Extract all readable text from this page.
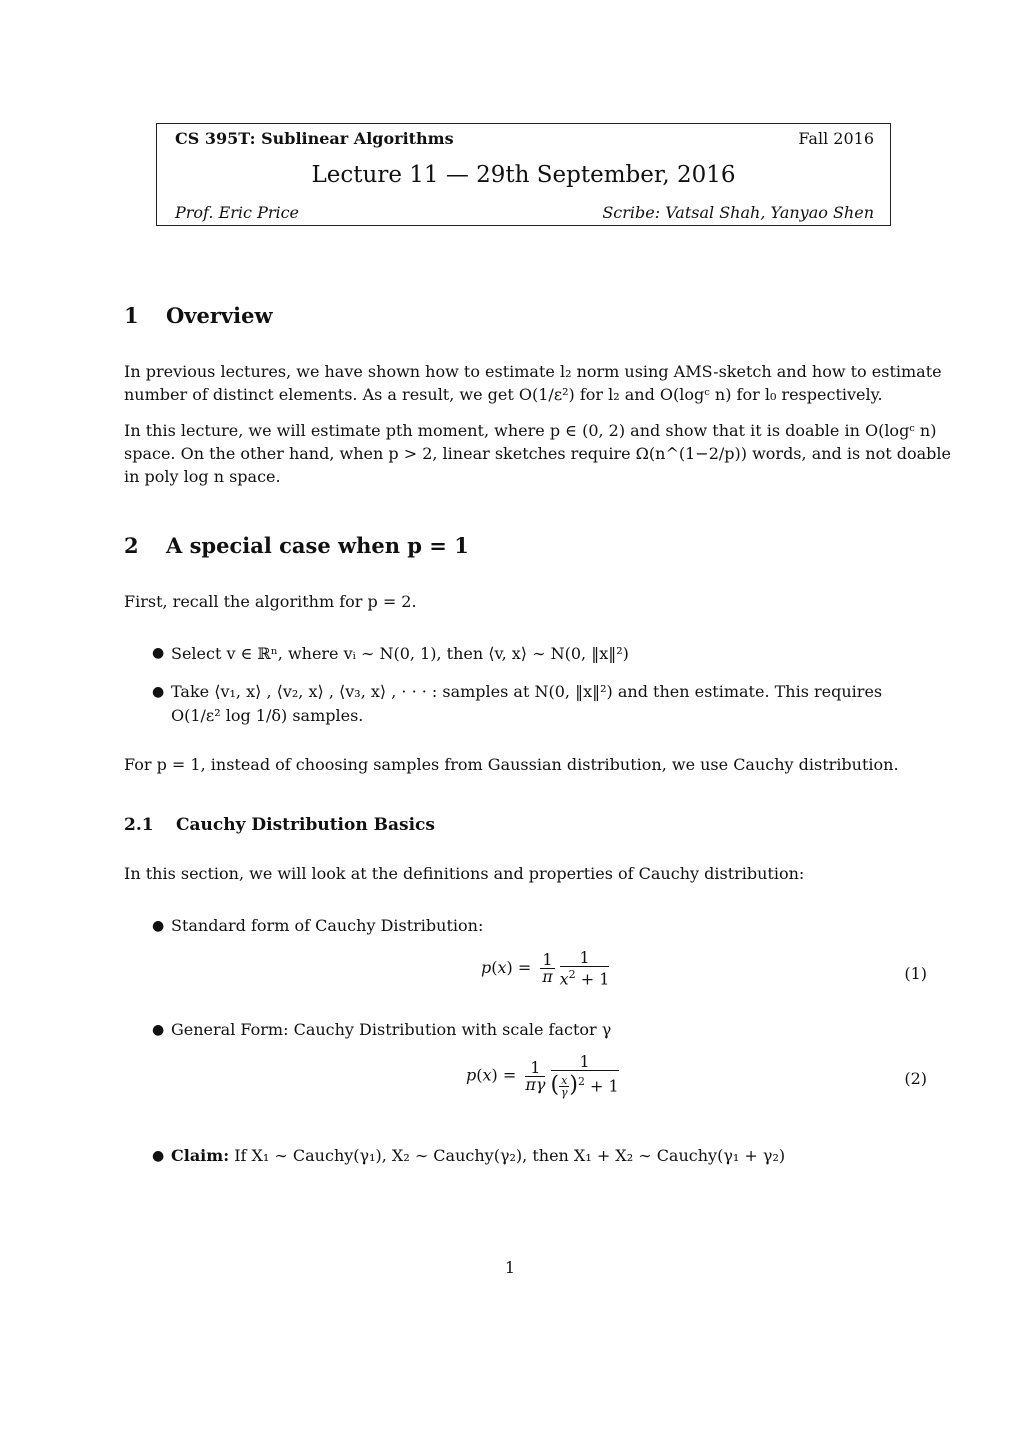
CS 395T: Sublinear Algorithms	Fall 2016
Lecture 11 — 29th September, 2016
Prof. Eric Price	Scribe: Vatsal Shah, Yanyao Shen
1 Overview
In previous lectures, we have shown how to estimate l₂ norm using AMS-sketch and how to estimate
number of distinct elements. As a result, we get O(1/ε²) for l₂ and O(logᶜ n) for l₀ respectively.
In this lecture, we will estimate pth moment, where p ∈ (0, 2) and show that it is doable in O(logᶜ n)
space. On the other hand, when p > 2, linear sketches require Ω(n^(1−2/p)) words, and is not doable
in poly log n space.
2 A special case when p = 1
First, recall the algorithm for p = 2.
● Select v ∈ ℝⁿ, where vᵢ ∼ N(0, 1), then ⟨v, x⟩ ∼ N(0, ‖x‖²)
● Take ⟨v₁, x⟩ , ⟨v₂, x⟩ , ⟨v₃, x⟩ , · · · : samples at N(0, ‖x‖²) and then estimate. This requires
O(1/ε² log 1/δ) samples.
For p = 1, instead of choosing samples from Gaussian distribution, we use Cauchy distribution.
2.1 Cauchy Distribution Basics
In this section, we will look at the definitions and properties of Cauchy distribution:
● Standard form of Cauchy Distribution:
$p(x) = \frac{1}{\pi}$
$\frac{1}{x^2 + 1}$	(1)
● General Form: Cauchy Distribution with scale factor γ
$p(x) = \frac{1}{\pi\gamma}$
$\frac{1}{( \frac{x}{\gamma} )^2 + 1}$	(2)
● Claim: If X₁ ∼ Cauchy(γ₁), X₂ ∼ Cauchy(γ₂), then X₁ + X₂ ∼ Cauchy(γ₁ + γ₂)
1
